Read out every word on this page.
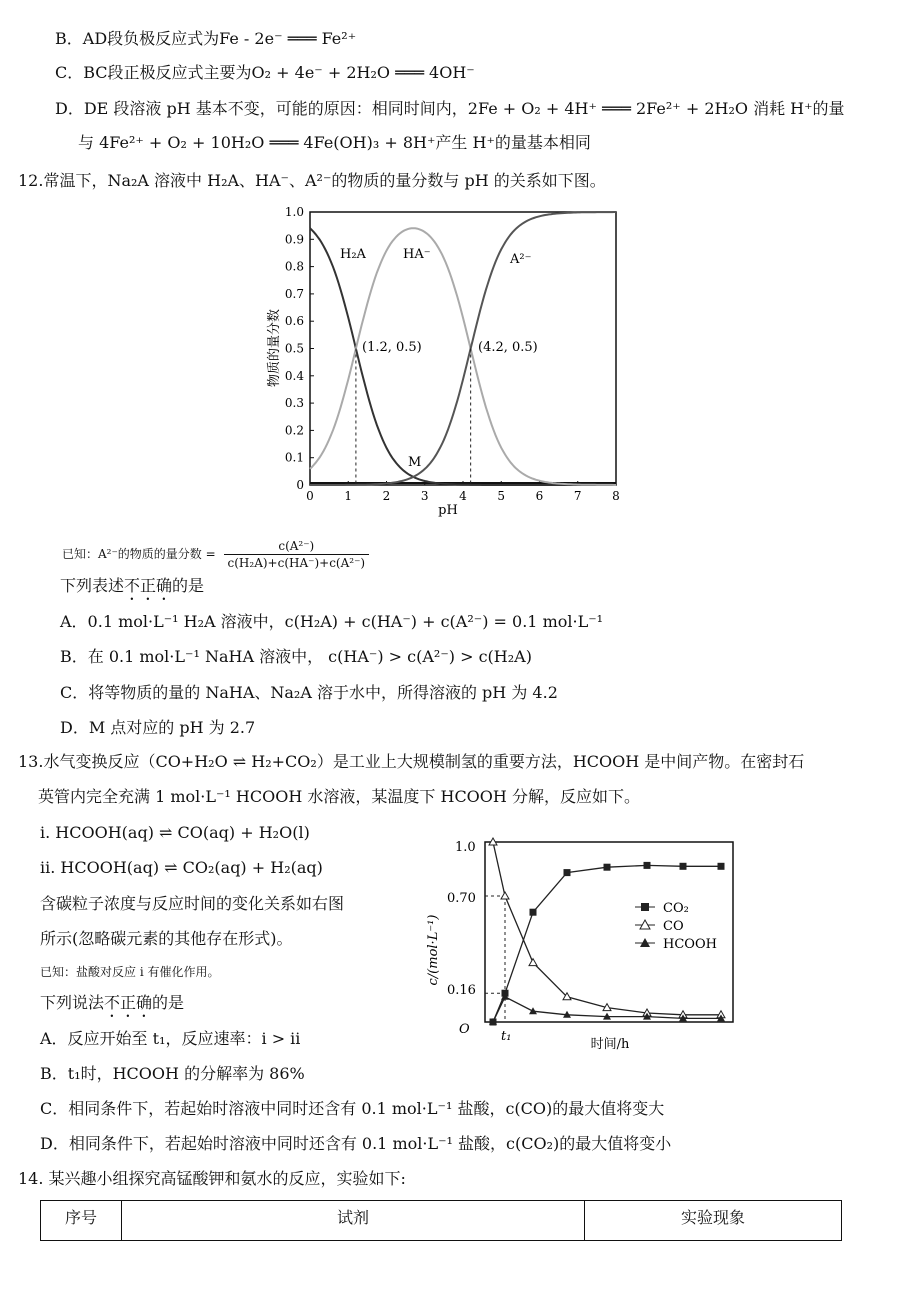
B．AD段负极反应式为Fe - 2e⁻ ═══ Fe²⁺
C．BC段正极反应式主要为O₂ + 4e⁻ + 2H₂O ═══ 4OH⁻
D．DE 段溶液 pH 基本不变，可能的原因：相同时间内，2Fe + O₂ + 4H⁺ ═══ 2Fe²⁺ + 2H₂O 消耗 H⁺的量
与 4Fe²⁺ + O₂ + 10H₂O ═══ 4Fe(OH)₃ + 8H⁺产生 H⁺的量基本相同
12.常温下，Na₂A 溶液中 H₂A、HA⁻、A²⁻的物质的量分数与 pH 的关系如下图。
0	1	2	3	4	5	6	7	8
0
0.1
0.2
0.3
0.4
0.5
0.6
0.7
0.8
0.9
1.0
物质的量分数
pH
H₂A	HA⁻	A²⁻
(1.2, 0.5)	(4.2, 0.5)
M
已知：A²⁻的物质的量分数 = $\frac{\text{c(A²⁻)}}{\text{c(H₂A)+c(HA⁻)+c(A²⁻)}}$
下列表述不正确的是
A．0.1 mol·L⁻¹ H₂A 溶液中，c(H₂A) + c(HA⁻) + c(A²⁻) = 0.1 mol·L⁻¹
B．在 0.1 mol·L⁻¹ NaHA 溶液中， c(HA⁻) > c(A²⁻) > c(H₂A)
C．将等物质的量的 NaHA、Na₂A 溶于水中，所得溶液的 pH 为 4.2
D．M 点对应的 pH 为 2.7
13.水气变换反应（CO+H₂O ⇌ H₂+CO₂）是工业上大规模制氢的重要方法，HCOOH 是中间产物。在密封石
英管内完全充满 1 mol·L⁻¹ HCOOH 水溶液，某温度下 HCOOH 分解，反应如下。
i. HCOOH(aq) ⇌ CO(aq) + H₂O(l)
ii. HCOOH(aq) ⇌ CO₂(aq) + H₂(aq)
含碳粒子浓度与反应时间的变化关系如右图
所示(忽略碳元素的其他存在形式)。
已知：盐酸对反应 i 有催化作用。
下列说法不正确的是
A．反应开始至 t₁，反应速率：i > ii
B．t₁时，HCOOH 的分解率为 86%
C．相同条件下，若起始时溶液中同时还含有 0.1 mol·L⁻¹ 盐酸，c(CO)的最大值将变大
D．相同条件下，若起始时溶液中同时还含有 0.1 mol·L⁻¹ 盐酸，c(CO₂)的最大值将变小
c/(mol·L⁻¹)
时间/h
O t₁
1.0
0.70
0.16
CO₂
CO
HCOOH
14. 某兴趣小组探究高锰酸钾和氨水的反应，实验如下:
序号	试剂	实验现象
